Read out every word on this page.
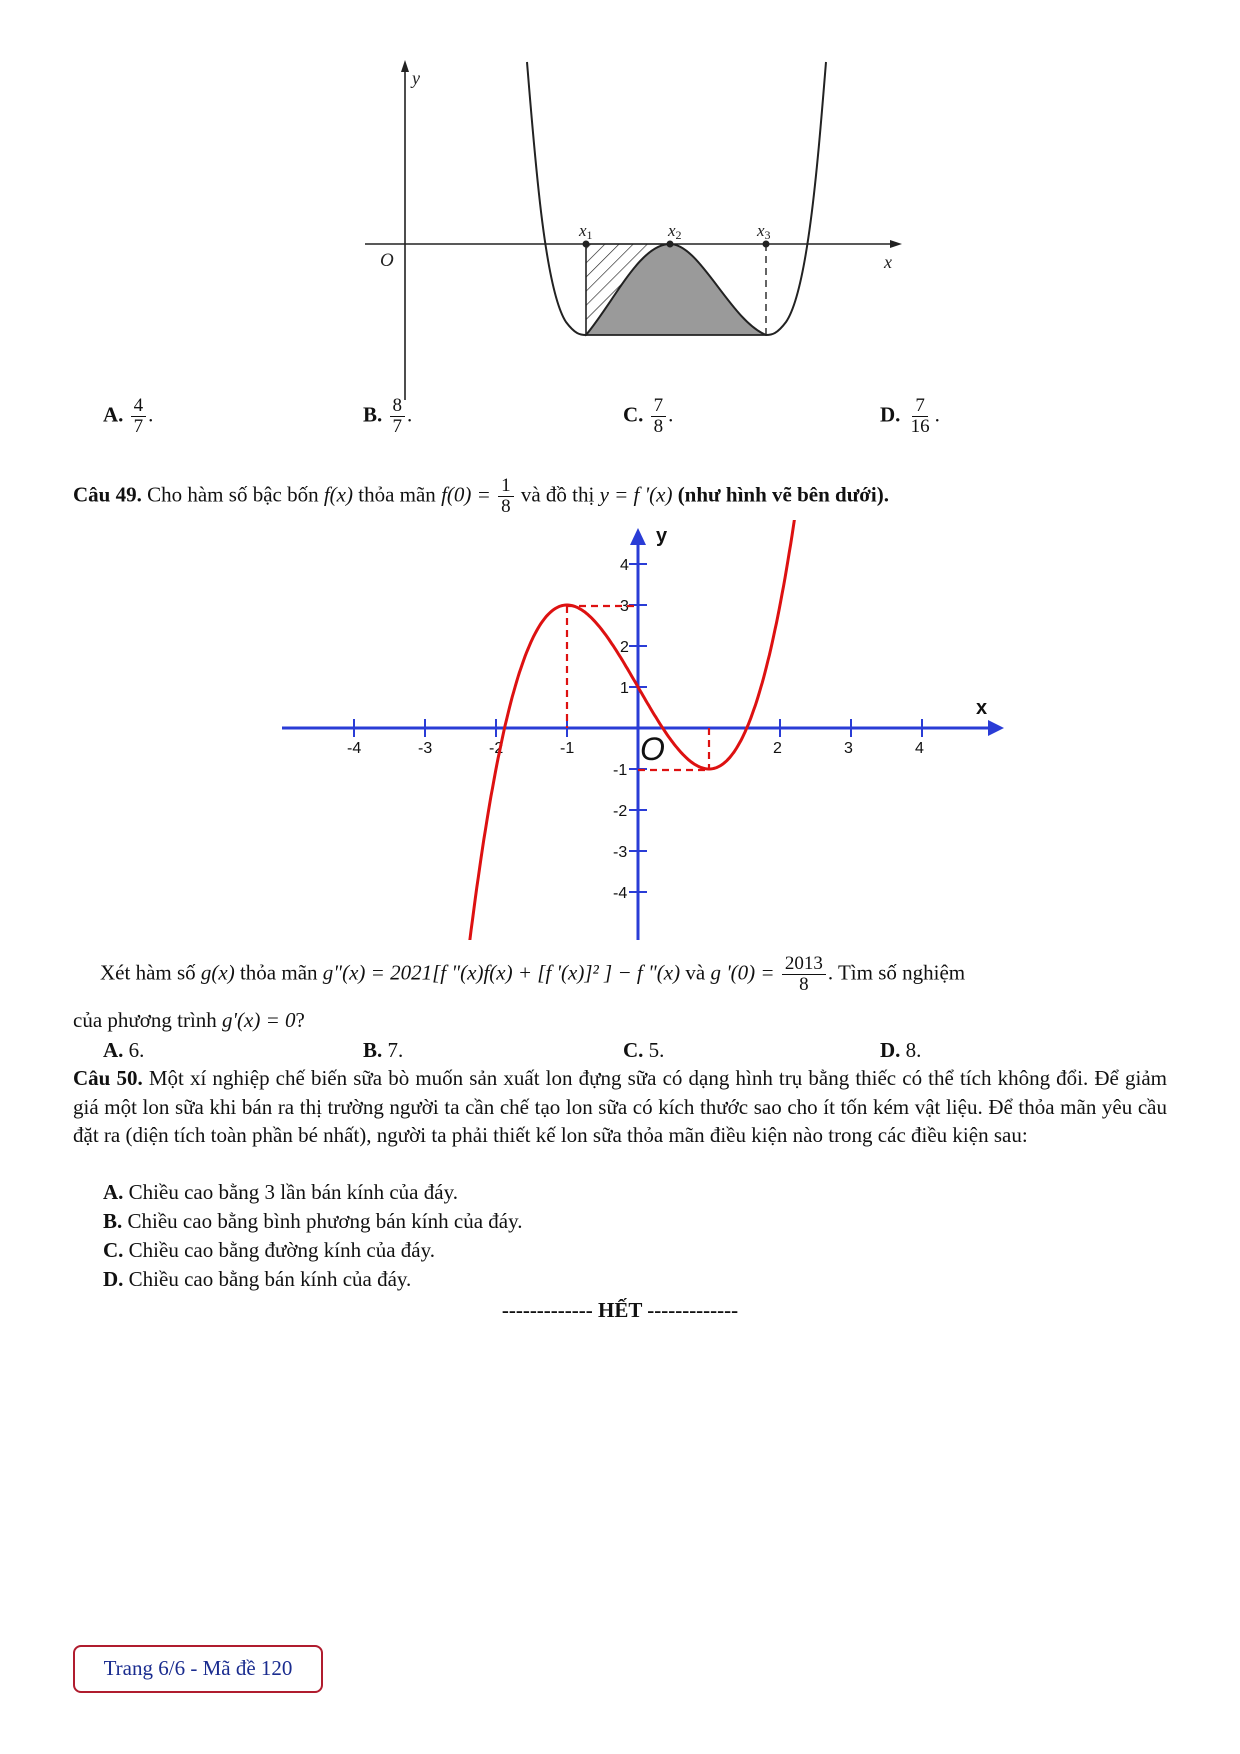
y
x
O
x1	x2	x3
A. $\frac{4}{7}$ .	B. $\frac{8}{7}$ .	C. $\frac{7}{8}$ .	D. $\frac{7}{16}$ .
Câu 49. Cho hàm số bậc bốn f(x) thỏa mãn $f(0) = \frac{1}{8}$ và đồ thị y = f '(x) (như hình vẽ bên dưới).
-4	-3	-2	-1	2	3	4
4
3
2
1
-1
-2
-3
-4
y
x
O
Xét hàm số g(x) thỏa mãn g"(x) = 2021[f "(x)f(x) + [f '(x)]² ] − f "(x) và g '$(0) = \frac{2013}{8}$ . Tìm số nghiệm
của phương trình g'(x) = 0?
A. 6.	B. 7.	C. 5.	D. 8.
Câu 50. Một xí nghiệp chế biến sữa bò muốn sản xuất lon đựng sữa có dạng hình trụ bằng thiếc có thể tích không đổi. Để giảm giá một lon sữa khi bán ra thị trường người ta cần chế tạo lon sữa có kích thước sao cho ít tốn kém vật liệu. Để thỏa mãn yêu cầu đặt ra (diện tích toàn phần bé nhất), người ta phải thiết kế lon sữa thỏa mãn điều kiện nào trong các điều kiện sau:
A. Chiều cao bằng 3 lần bán kính của đáy.
B. Chiều cao bằng bình phương bán kính của đáy.
C. Chiều cao bằng đường kính của đáy.
D. Chiều cao bằng bán kính của đáy.
------------- HẾT -------------
Trang 6/6 - Mã đề 120
